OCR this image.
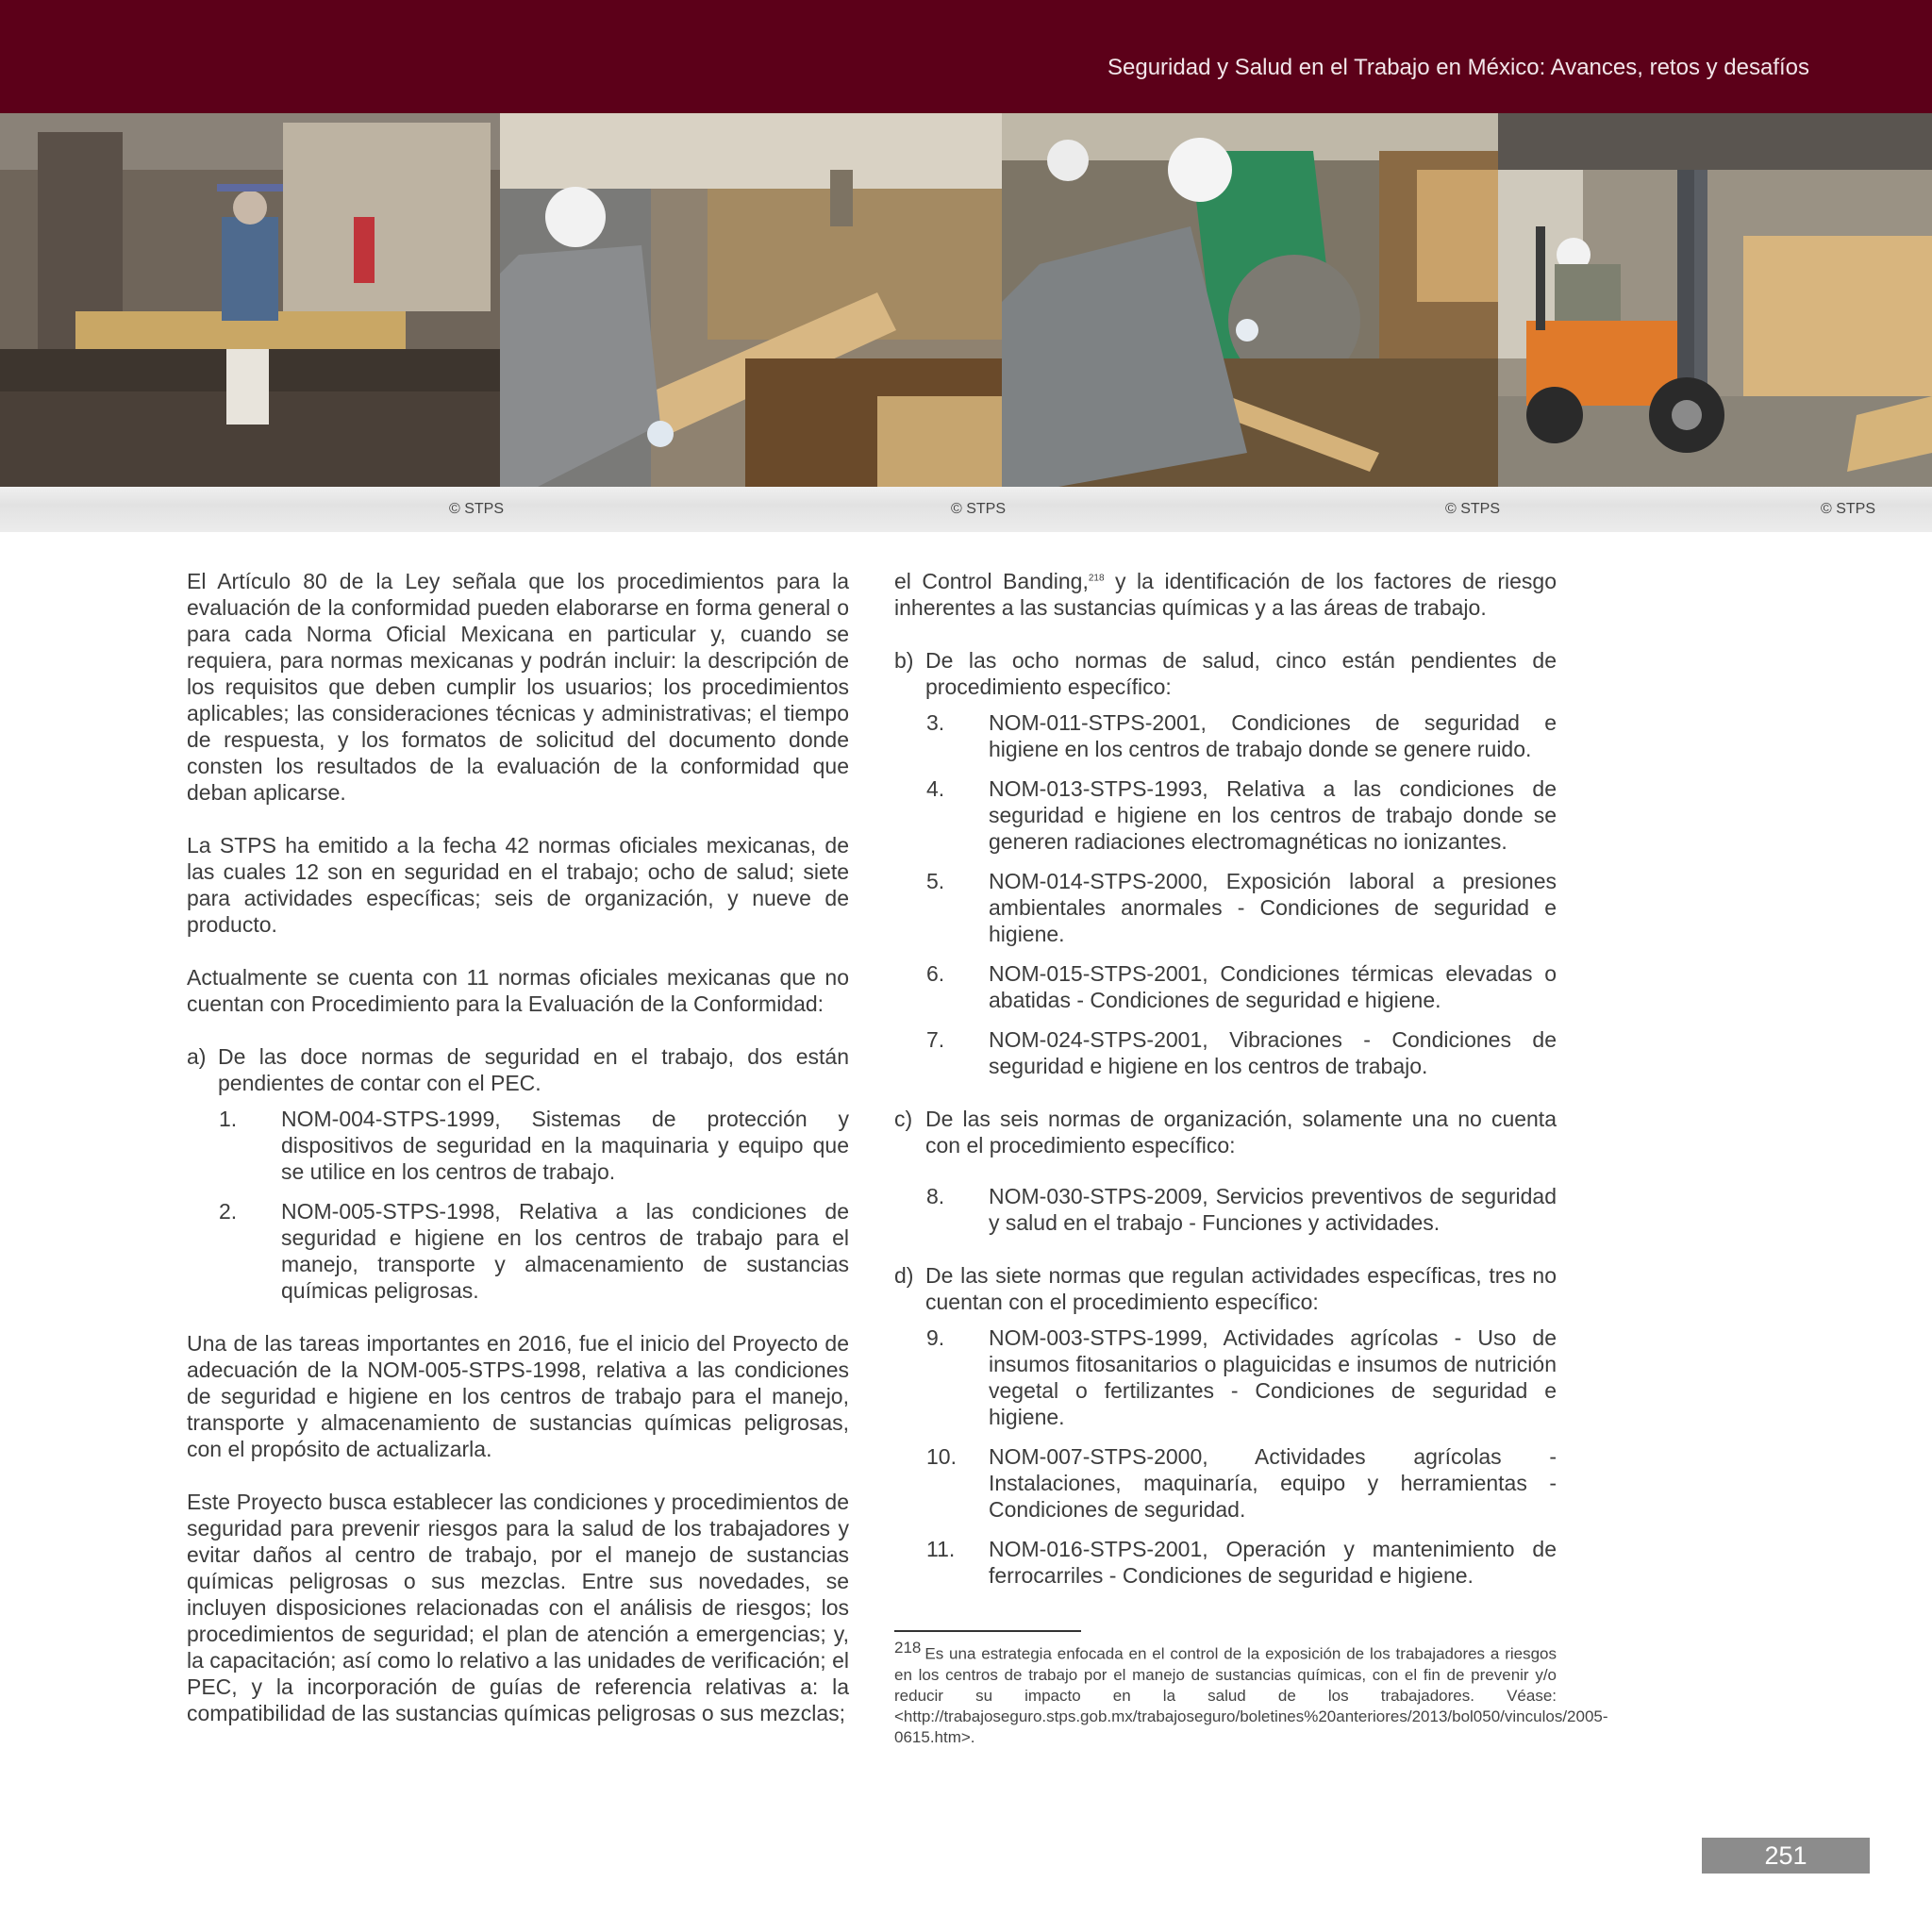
Seguridad y Salud en el Trabajo en México: Avances, retos y desafíos
© STPS	© STPS	© STPS	© STPS

El Artículo 80 de la Ley señala que los procedimientos para la evaluación de la conformidad pueden elaborarse en forma general o para cada Norma Oficial Mexicana en particular y, cuando se requiera, para normas mexicanas y podrán incluir: la descripción de los requisitos que deben cumplir los usuarios; los procedimientos aplicables; las consideraciones técnicas y administrativas; el tiempo de respuesta, y los formatos de solicitud del documento donde consten los resultados de la evaluación de la conformidad que deban aplicarse.

La STPS ha emitido a la fecha 42 normas oficiales mexicanas, de las cuales 12 son en seguridad en el trabajo; ocho de salud; siete para actividades específicas; seis de organización, y nueve de producto.

Actualmente se cuenta con 11 normas oficiales mexicanas que no cuentan con Procedimiento para la Evaluación de la Conformidad:

a) De las doce normas de seguridad en el trabajo, dos están pendientes de contar con el PEC.
1.	NOM-004-STPS-1999, Sistemas de protección y dispositivos de seguridad en la maquinaria y equipo que se utilice en los centros de trabajo.
2.	NOM-005-STPS-1998, Relativa a las condiciones de seguridad e higiene en los centros de trabajo para el manejo, transporte y almacenamiento de sustancias químicas peligrosas.

Una de las tareas importantes en 2016, fue el inicio del Proyecto de adecuación de la NOM-005-STPS-1998, relativa a las condiciones de seguridad e higiene en los centros de trabajo para el manejo, transporte y almacenamiento de sustancias químicas peligrosas, con el propósito de actualizarla.

Este Proyecto busca establecer las condiciones y procedimientos de seguridad para prevenir riesgos para la salud de los trabajadores y evitar daños al centro de trabajo, por el manejo de sustancias químicas peligrosas o sus mezclas. Entre sus novedades, se incluyen disposiciones relacionadas con el análisis de riesgos; los procedimientos de seguridad; el plan de atención a emergencias; y, la capacitación; así como lo relativo a las unidades de verificación; el PEC, y la incorporación de guías de referencia relativas a: la compatibilidad de las sustancias químicas peligrosas o sus mezclas;

el Control Banding,$^{218}$ y la identificación de los factores de riesgo inherentes a las sustancias químicas y a las áreas de trabajo.

b) De las ocho normas de salud, cinco están pendientes de procedimiento específico:
3.	NOM-011-STPS-2001, Condiciones de seguridad e higiene en los centros de trabajo donde se genere ruido.
4.	NOM-013-STPS-1993, Relativa a las condiciones de seguridad e higiene en los centros de trabajo donde se generen radiaciones electromagnéticas no ionizantes.
5.	NOM-014-STPS-2000, Exposición laboral a presiones ambientales anormales - Condiciones de seguridad e higiene.
6.	NOM-015-STPS-2001, Condiciones térmicas elevadas o abatidas - Condiciones de seguridad e higiene.
7.	NOM-024-STPS-2001, Vibraciones - Condiciones de seguridad e higiene en los centros de trabajo.
c) De las seis normas de organización, solamente una no cuenta con el procedimiento específico:
8.	NOM-030-STPS-2009, Servicios preventivos de seguridad y salud en el trabajo - Funciones y actividades.
d) De las siete normas que regulan actividades específicas, tres no cuentan con el procedimiento específico:
9.	NOM-003-STPS-1999, Actividades agrícolas - Uso de insumos fitosanitarios o plaguicidas e insumos de nutrición vegetal o fertilizantes - Condiciones de seguridad e higiene.
10.	NOM-007-STPS-2000, Actividades agrícolas - Instalaciones, maquinaría, equipo y herramientas - Condiciones de seguridad.
11.	NOM-016-STPS-2001, Operación y mantenimiento de ferrocarriles - Condiciones de seguridad e higiene.
218 Es una estrategia enfocada en el control de la exposición de los trabajadores a riesgos en los centros de trabajo por el manejo de sustancias químicas, con el fin de prevenir y/o reducir su impacto en la salud de los trabajadores. Véase: <http://trabajoseguro.stps.gob.mx/trabajoseguro/boletines%20anteriores/2013/bol050/vinculos/2005-0615.htm>.
251
